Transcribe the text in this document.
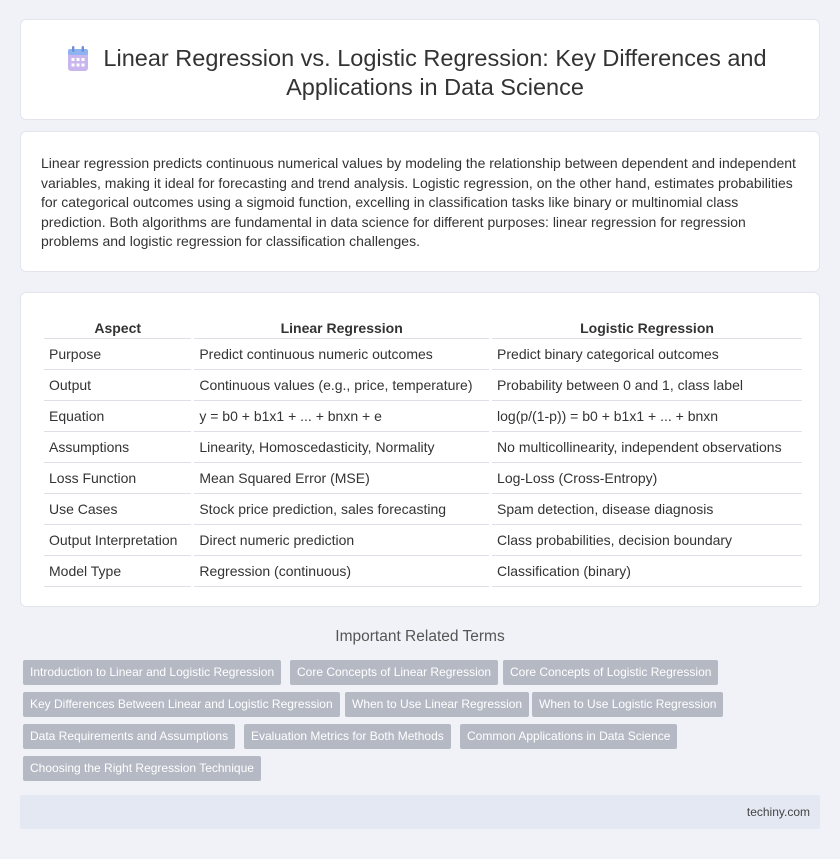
Linear Regression vs. Logistic Regression: Key Differences and Applications in Data Science

Linear regression predicts continuous numerical values by modeling the relationship between dependent and independent variables, making it ideal for forecasting and trend analysis. Logistic regression, on the other hand, estimates probabilities for categorical outcomes using a sigmoid function, excelling in classification tasks like binary or multinomial class prediction. Both algorithms are fundamental in data science for different purposes: linear regression for regression problems and logistic regression for classification challenges.

Aspect	Linear Regression	Logistic Regression
Purpose	Predict continuous numeric outcomes	Predict binary categorical outcomes
Output	Continuous values (e.g., price, temperature)	Probability between 0 and 1, class label
Equation	y = b0 + b1x1 + ... + bnxn + e	log(p/(1-p)) = b0 + b1x1 + ... + bnxn
Assumptions	Linearity, Homoscedasticity, Normality	No multicollinearity, independent observations
Loss Function	Mean Squared Error (MSE)	Log-Loss (Cross-Entropy)
Use Cases	Stock price prediction, sales forecasting	Spam detection, disease diagnosis
Output Interpretation	Direct numeric prediction	Class probabilities, decision boundary
Model Type	Regression (continuous)	Classification (binary)
Important Related Terms
Introduction to Linear and Logistic Regression	Core Concepts of Linear Regression	Core Concepts of Logistic Regression
Key Differences Between Linear and Logistic Regression	When to Use Linear Regression	When to Use Logistic Regression
Data Requirements and Assumptions	Evaluation Metrics for Both Methods	Common Applications in Data Science
Choosing the Right Regression Technique
techiny.com
